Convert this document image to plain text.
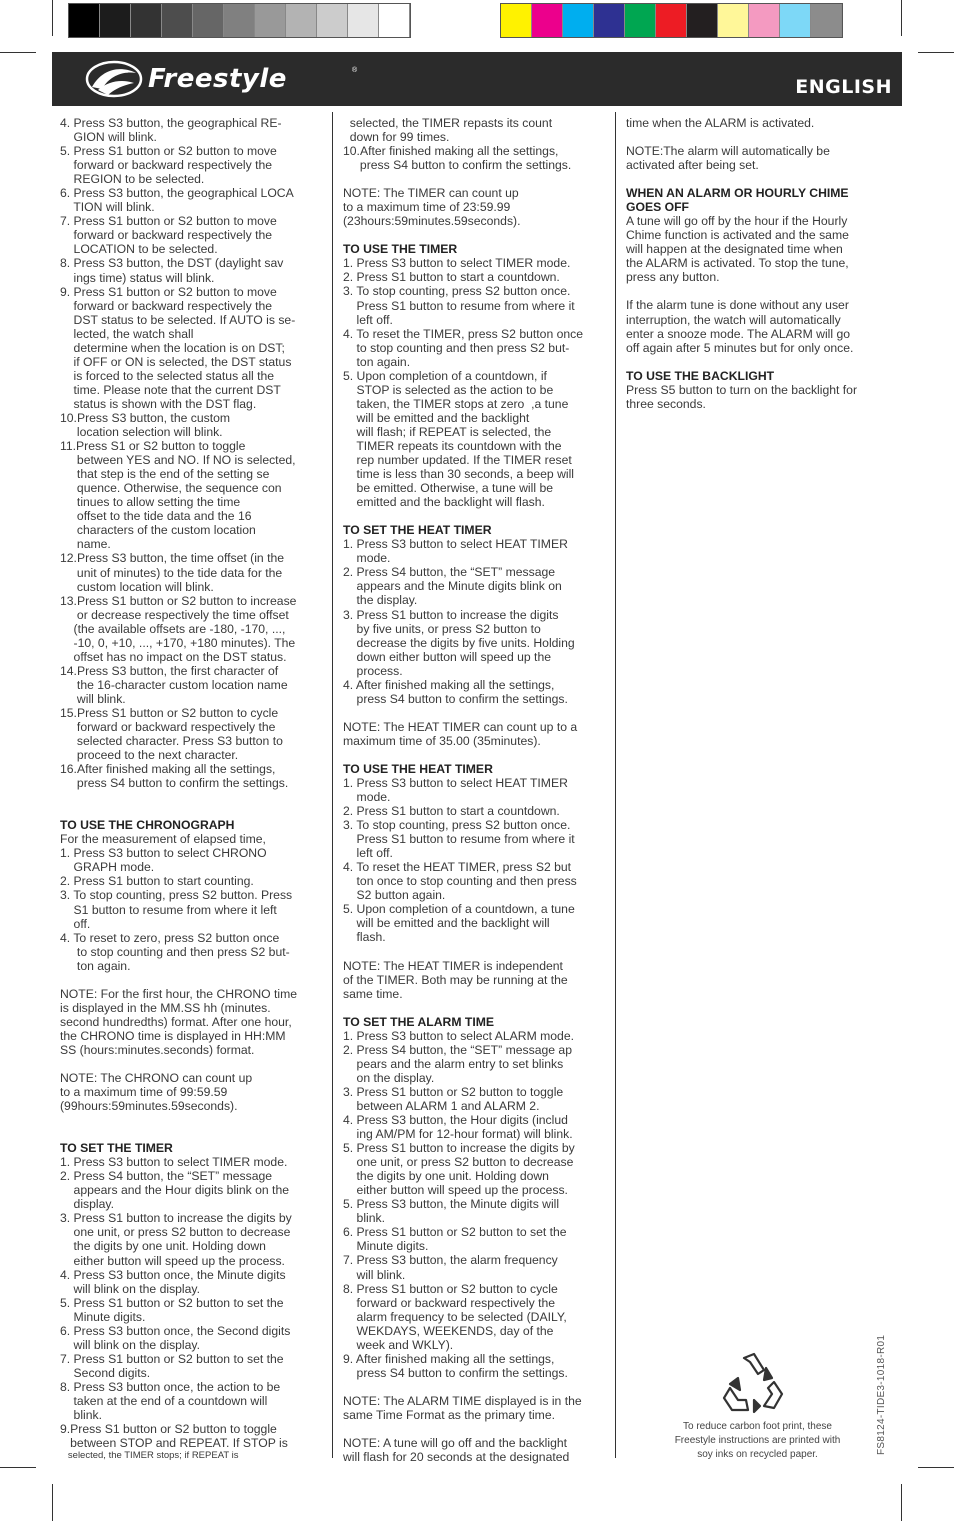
Freestyle	®
ENGLISH

4. Press S3 button, the geographical RE-

GION will blink.

5. Press S1 button or S2 button to move

forward or backward respectively the

REGION to be selected.

6. Press S3 button, the geographical LOCA

TION will blink.

7. Press S1 button or S2 button to move

forward or backward respectively the

LOCATION to be selected.

8. Press S3 button, the DST (daylight sav

ings time) status will blink.

9. Press S1 button or S2 button to move

forward or backward respectively the

DST status to be selected. If AUTO is se-

lected, the watch shall

determine when the location is on DST;

if OFF or ON is selected, the DST status

is forced to the selected status all the

time. Please note that the current DST

status is shown with the DST flag.

10.Press S3 button, the custom

location selection will blink.

11.Press S1 or S2 button to toggle

between YES and NO. If NO is selected,

that step is the end of the setting se

quence. Otherwise, the sequence con

tinues to allow setting the time

offset to the tide data and the 16

characters of the custom location

name.

12.Press S3 button, the time offset (in the

unit of minutes) to the tide data for the

custom location will blink.

13.Press S1 button or S2 button to increase

or decrease respectively the time offset

(the available offsets are -180, -170, ...,

-10, 0, +10, ..., +170, +180 minutes). The

offset has no impact on the DST status.

14.Press S3 button, the first character of

the 16-character custom location name

will blink.

15.Press S1 button or S2 button to cycle

forward or backward respectively the

selected character. Press S3 button to

proceed to the next character.

16.After finished making all the settings,

press S4 button to confirm the settings.

TO USE THE CHRONOGRAPH

For the measurement of elapsed time,

1. Press S3 button to select CHRONO

GRAPH mode.

2. Press S1 button to start counting.

3. To stop counting, press S2 button. Press

S1 button to resume from where it left

off.

4. To reset to zero, press S2 button once

to stop counting and then press S2 but-

ton again.

NOTE: For the first hour, the CHRONO time

is displayed in the MM.SS hh (minutes.

second hundredths) format. After one hour,

the CHRONO time is displayed in HH:MM

SS (hours:minutes.seconds) format.

NOTE: The CHRONO can count up

to a maximum time of 99:59.59

(99hours:59minutes.59seconds).

TO SET THE TIMER

1. Press S3 button to select TIMER mode.

2. Press S4 button, the “SET” message

appears and the Hour digits blink on the

display.

3. Press S1 button to increase the digits by

one unit, or press S2 button to decrease

the digits by one unit. Holding down

either button will speed up the process.

4. Press S3 button once, the Minute digits

will blink on the display.

5. Press S1 button or S2 button to set the

Minute digits.

6. Press S3 button once, the Second digits

will blink on the display.

7. Press S1 button or S2 button to set the

Second digits.

8. Press S3 button once, the action to be

taken at the end of a countdown will

blink.

9.Press S1 button or S2 button to toggle

between STOP and REPEAT. If STOP is

selected, the TIMER stops; if REPEAT is

selected, the TIMER repasts its count

down for 99 times.

10.After finished making all the settings,

press S4 button to confirm the settings.

NOTE: The TIMER can count up

to a maximum time of 23:59.99

(23hours:59minutes.59seconds).

TO USE THE TIMER

1. Press S3 button to select TIMER mode.

2. Press S1 button to start a countdown.

3. To stop counting, press S2 button once.

Press S1 button to resume from where it

left off.

4. To reset the TIMER, press S2 button once

to stop counting and then press S2 but-

ton again.

5. Upon completion of a countdown, if

STOP is selected as the action to be

taken, the TIMER stops at zero  ,a tune

will be emitted and the backlight

will flash; if REPEAT is selected, the

TIMER repeats its countdown with the

rep number updated. If the TIMER reset

time is less than 30 seconds, a beep will

be emitted. Otherwise, a tune will be

emitted and the backlight will flash.

TO SET THE HEAT TIMER

1. Press S3 button to select HEAT TIMER

mode.

2. Press S4 button, the “SET” message

appears and the Minute digits blink on

the display.

3. Press S1 button to increase the digits

by five units, or press S2 button to

decrease the digits by five units. Holding

down either button will speed up the

process.

4. After finished making all the settings,

press S4 button to confirm the settings.

NOTE: The HEAT TIMER can count up to a

maximum time of 35.00 (35minutes).

TO USE THE HEAT TIMER

1. Press S3 button to select HEAT TIMER

mode.

2. Press S1 button to start a countdown.

3. To stop counting, press S2 button once.

Press S1 button to resume from where it

left off.

4. To reset the HEAT TIMER, press S2 but

ton once to stop counting and then press

S2 button again.

5. Upon completion of a countdown, a tune

will be emitted and the backlight will

flash.

NOTE: The HEAT TIMER is independent

of the TIMER. Both may be running at the

same time.

TO SET THE ALARM TIME

1. Press S3 button to select ALARM mode.

2. Press S4 button, the “SET” message ap

pears and the alarm entry to set blinks

on the display.

3. Press S1 button or S2 button to toggle

between ALARM 1 and ALARM 2.

4. Press S3 button, the Hour digits (includ

ing AM/PM for 12-hour format) will blink.

5. Press S1 button to increase the digits by

one unit, or press S2 button to decrease

the digits by one unit. Holding down

either button will speed up the process.

5. Press S3 button, the Minute digits will

blink.

6. Press S1 button or S2 button to set the

Minute digits.

7. Press S3 button, the alarm frequency

will blink.

8. Press S1 button or S2 button to cycle

forward or backward respectively the

alarm frequency to be selected (DAILY,

WEKDAYS, WEEKENDS, day of the

week and WKLY).

9. After finished making all the settings,

press S4 button to confirm the settings.

NOTE: The ALARM TIME displayed is in the

same Time Format as the primary time.

NOTE: A tune will go off and the backlight

will flash for 20 seconds at the designated

time when the ALARM is activated.

NOTE:The alarm will automatically be

activated after being set.

WHEN AN ALARM OR HOURLY CHIME

GOES OFF

A tune will go off by the hour if the Hourly

Chime function is activated and the same

will happen at the designated time when

the ALARM is activated. To stop the tune,

press any button.

If the alarm tune is done without any user

interruption, the watch will automatically

enter a snooze mode. The ALARM will go

off again after 5 minutes but for only once.

TO USE THE BACKLIGHT

Press S5 button to turn on the backlight for

three seconds.

To reduce carbon foot print, these
Freestyle instructions are printed with
soy inks on recycled paper.	FS8124-TIDE3-1018-R01
